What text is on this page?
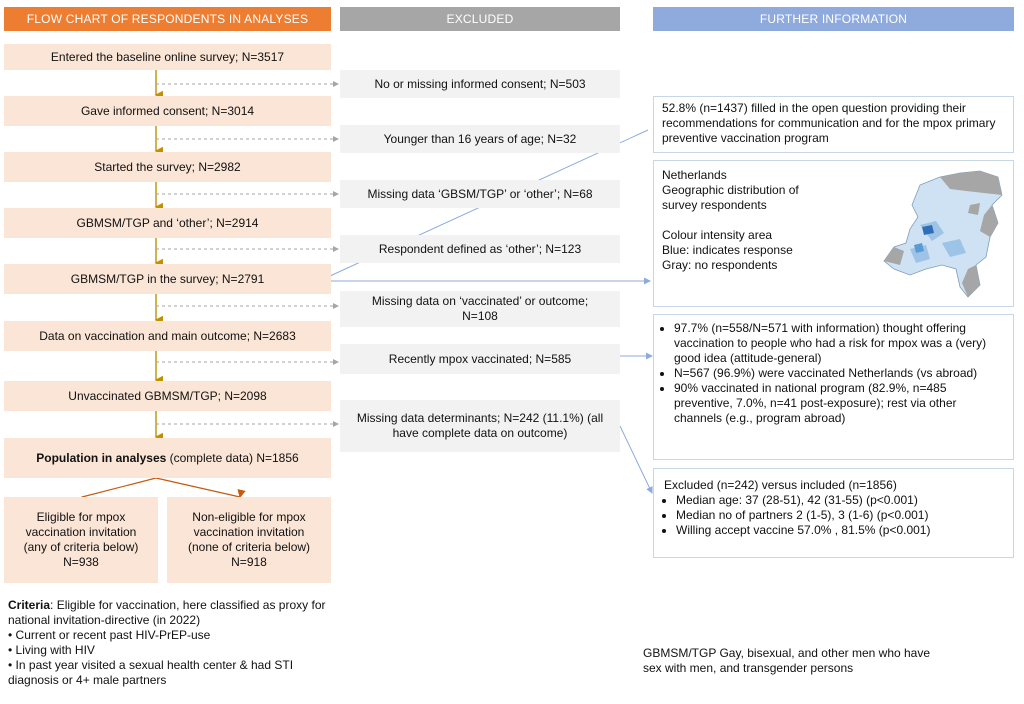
FLOW CHART OF RESPONDENTS IN ANALYSES	EXCLUDED	FURTHER INFORMATION
Entered the baseline online survey; N=3517
Gave informed consent; N=3014
Started the survey; N=2982
GBMSM/TGP and ‘other’; N=2914
GBMSM/TGP in the survey; N=2791
Data on vaccination and main outcome; N=2683
Unvaccinated GBMSM/TGP; N=2098
Population in analyses (complete data) N=1856
Eligible for mpox
vaccination invitation
(any of criteria below)
N=938
Non-eligible for mpox
vaccination invitation
(none of criteria below)
N=918
Criteria: Eligible for vaccination, here classified as proxy for national invitation-directive (in 2022)
• Current or recent past HIV-PrEP-use
• Living with HIV
• In past year visited a sexual health center & had STI diagnosis or 4+ male partners
No or missing informed consent; N=503
Younger than 16 years of age; N=32
Missing data ‘GBSM/TGP’ or ‘other’; N=68
Respondent defined as ‘other’; N=123
Missing data on ‘vaccinated’ or outcome; N=108
Recently mpox vaccinated; N=585
Missing data determinants; N=242 (11.1%) (all have complete data on outcome)
52.8% (n=1437) filled in the open question providing their recommendations for communication and for the mpox primary preventive vaccination program
Netherlands
Geographic distribution of
survey respondents
Colour intensity area
Blue: indicates response
Gray: no respondents
• 97.7% (n=558/N=571 with information) thought offering vaccination to people who had a risk for mpox was a (very) good idea (attitude-general)
• N=567 (96.9%) were vaccinated Netherlands (vs abroad)
• 90% vaccinated in national program (82.9%, n=485 preventive, 7.0%, n=41 post-exposure); rest via other channels (e.g., program abroad)
Excluded (n=242) versus included (n=1856)
• Median age: 37 (28-51), 42 (31-55) (p<0.001)
• Median no of partners 2 (1-5), 3 (1-6) (p<0.001)
• Willing accept vaccine 57.0% , 81.5% (p<0.001)
GBMSM/TGP Gay, bisexual, and other men who have sex with men, and transgender persons
